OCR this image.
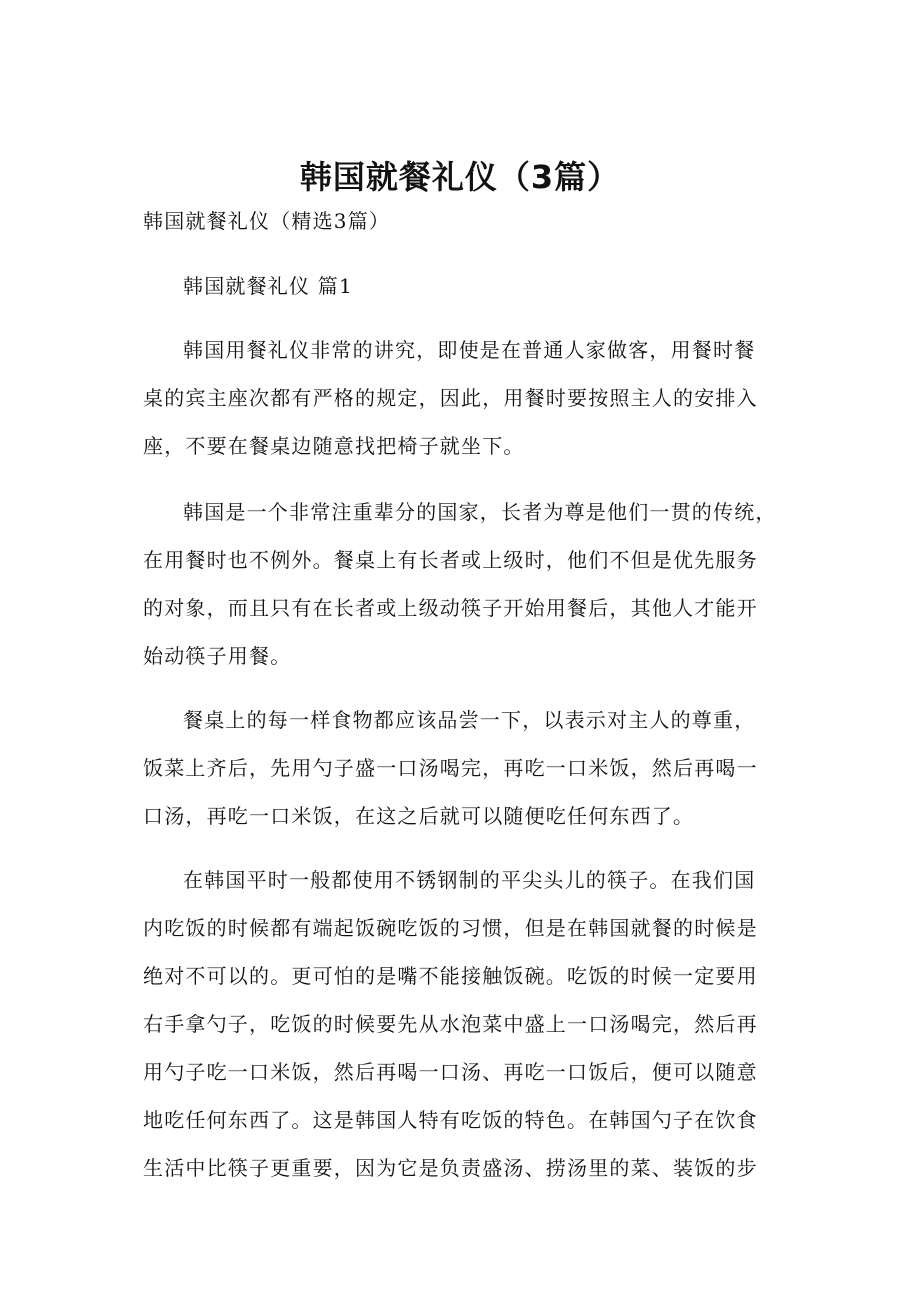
韩国就餐礼仪（3篇）
韩国就餐礼仪（精选3篇）
韩国就餐礼仪 篇1
韩国用餐礼仪非常的讲究，即使是在普通人家做客，用餐时餐
桌的宾主座次都有严格的规定，因此，用餐时要按照主人的安排入
座，不要在餐桌边随意找把椅子就坐下。
韩国是一个非常注重辈分的国家，长者为尊是他们一贯的传统，
在用餐时也不例外。餐桌上有长者或上级时，他们不但是优先服务
的对象，而且只有在长者或上级动筷子开始用餐后，其他人才能开
始动筷子用餐。
餐桌上的每一样食物都应该品尝一下，以表示对主人的尊重，
饭菜上齐后，先用勺子盛一口汤喝完，再吃一口米饭，然后再喝一
口汤，再吃一口米饭，在这之后就可以随便吃任何东西了。
在韩国平时一般都使用不锈钢制的平尖头儿的筷子。在我们国
内吃饭的时候都有端起饭碗吃饭的习惯，但是在韩国就餐的时候是
绝对不可以的。更可怕的是嘴不能接触饭碗。吃饭的时候一定要用
右手拿勺子，吃饭的时候要先从水泡菜中盛上一口汤喝完，然后再
用勺子吃一口米饭，然后再喝一口汤、再吃一口饭后，便可以随意
地吃任何东西了。这是韩国人特有吃饭的特色。在韩国勺子在饮食
生活中比筷子更重要，因为它是负责盛汤、捞汤里的菜、装饭的步
